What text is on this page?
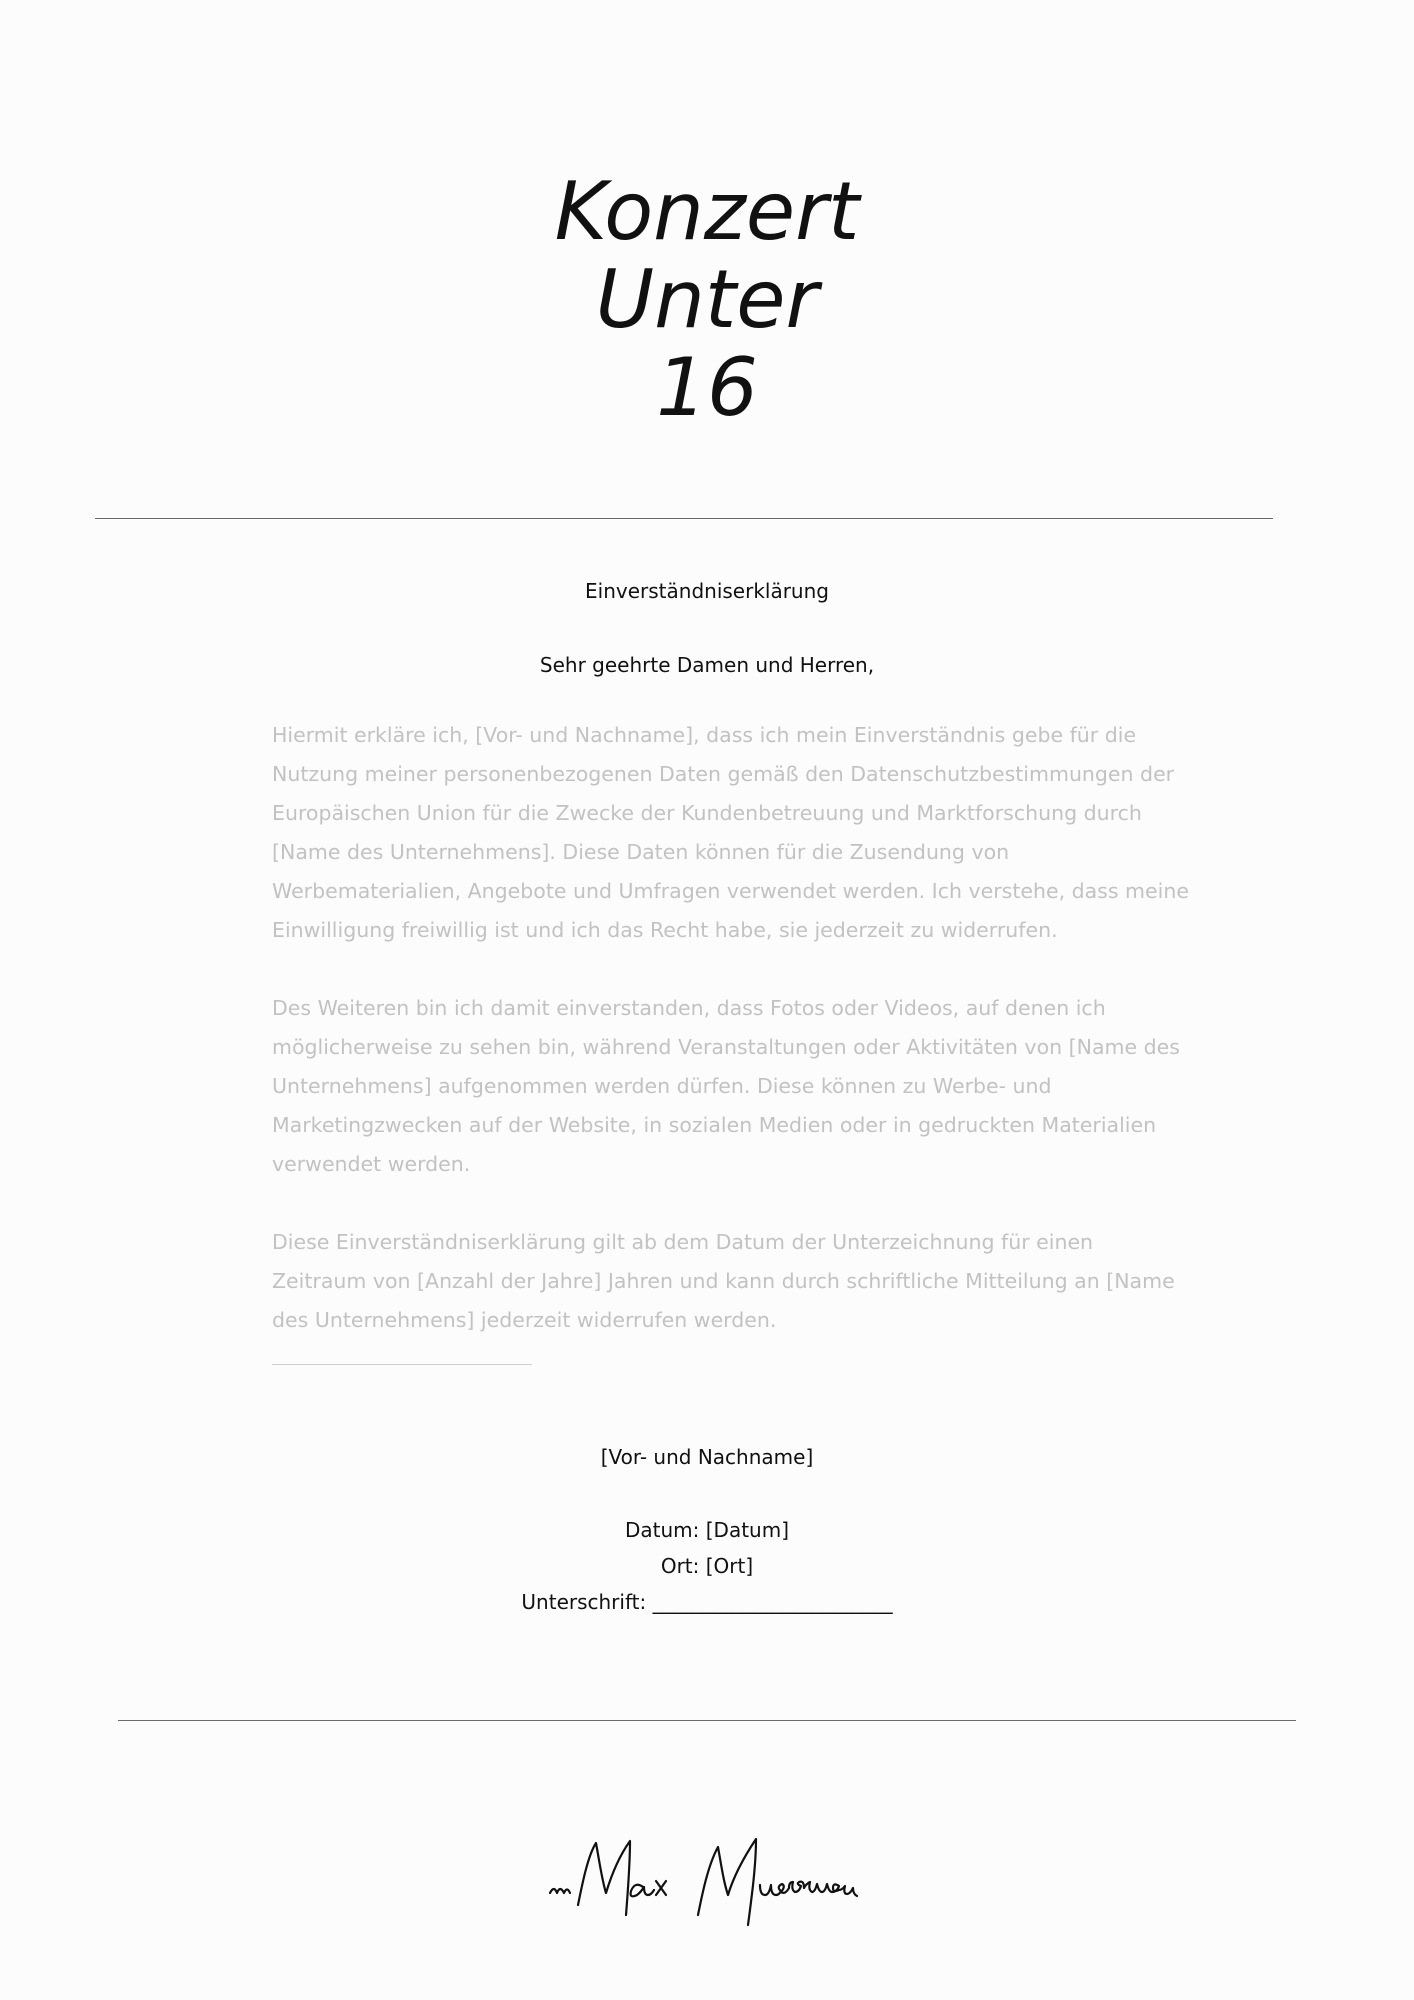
Konzert
Unter
16
Einverständniserklärung
Sehr geehrte Damen und Herren,

Hiermit erkläre ich, [Vor- und Nachname], dass ich mein Einverständnis gebe für die Nutzung meiner personenbezogenen Daten gemäß den Datenschutzbestimmungen der Europäischen Union für die Zwecke der Kundenbetreuung und Marktforschung durch [Name des Unternehmens]. Diese Daten können für die Zusendung von Werbematerialien, Angebote und Umfragen verwendet werden. Ich verstehe, dass meine Einwilligung freiwillig ist und ich das Recht habe, sie jederzeit zu widerrufen.

Des Weiteren bin ich damit einverstanden, dass Fotos oder Videos, auf denen ich möglicherweise zu sehen bin, während Veranstaltungen oder Aktivitäten von [Name des Unternehmens] aufgenommen werden dürfen. Diese können zu Werbe- und Marketingzwecken auf der Website, in sozialen Medien oder in gedruckten Materialien verwendet werden.

Diese Einverständniserklärung gilt ab dem Datum der Unterzeichnung für einen Zeitraum von [Anzahl der Jahre] Jahren und kann durch schriftliche Mitteilung an [Name des Unternehmens] jederzeit widerrufen werden.

[Vor- und Nachname]
Datum: [Datum]
Ort: [Ort]
Unterschrift: ________________________
